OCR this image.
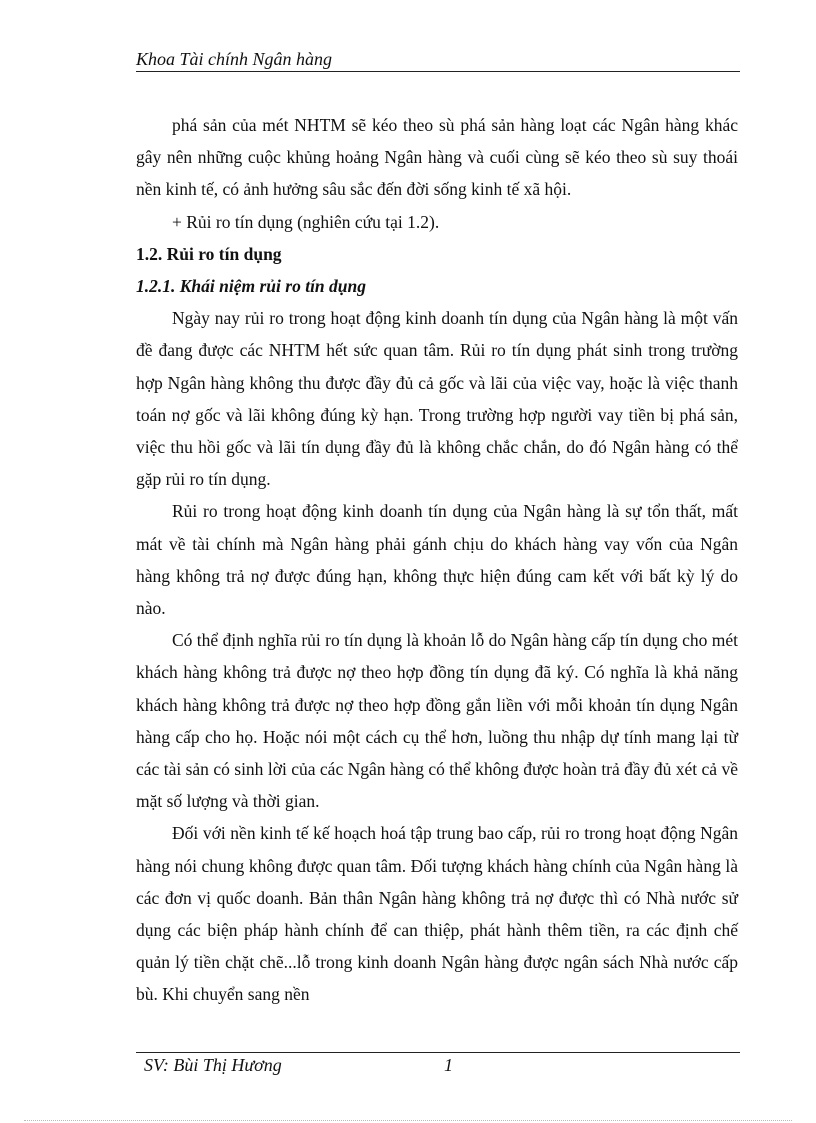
Khoa Tài chính Ngân hàng

phá sản của mét NHTM sẽ kéo theo sù phá sản hàng loạt các Ngân hàng khác gây nên những cuộc khủng hoảng Ngân hàng và cuối cùng sẽ kéo theo sù suy thoái nền kinh tế, có ảnh hưởng sâu sắc đến đời sống kinh tế xã hội.

+ Rủi ro tín dụng (nghiên cứu tại 1.2).

1.2. Rủi ro tín dụng

1.2.1. Khái niệm rủi ro tín dụng

Ngày nay rủi ro trong hoạt động kinh doanh tín dụng của Ngân hàng là một vấn đề đang được các NHTM hết sức quan tâm. Rủi ro tín dụng phát sinh trong trường hợp Ngân hàng không thu được đầy đủ cả gốc và lãi của việc vay, hoặc là việc thanh toán nợ gốc và lãi không đúng kỳ hạn. Trong trường hợp người vay tiền bị phá sản, việc thu hồi gốc và lãi tín dụng đầy đủ là không chắc chắn, do đó Ngân hàng có thể gặp rủi ro tín dụng.

Rủi ro trong hoạt động kinh doanh tín dụng của Ngân hàng là sự tổn thất, mất mát về tài chính mà Ngân hàng phải gánh chịu do khách hàng vay vốn của Ngân hàng không trả nợ được đúng hạn, không thực hiện đúng cam kết với bất kỳ lý do nào.

Có thể định nghĩa rủi ro tín dụng là khoản lỗ do Ngân hàng cấp tín dụng cho mét khách hàng không trả được nợ theo hợp đồng tín dụng đã ký. Có nghĩa là khả năng khách hàng không trả được nợ theo hợp đồng gắn liền với mỗi khoản tín dụng Ngân hàng cấp cho họ. Hoặc nói một cách cụ thể hơn, luồng thu nhập dự tính mang lại từ các tài sản có sinh lời của các Ngân hàng có thể không được hoàn trả đầy đủ xét cả về mặt số lượng và thời gian.

Đối với nền kinh tế kế hoạch hoá tập trung bao cấp, rủi ro trong hoạt động Ngân hàng nói chung không được quan tâm. Đối tượng khách hàng chính của Ngân hàng là các đơn vị quốc doanh. Bản thân Ngân hàng không trả nợ được thì có Nhà nước sử dụng các biện pháp hành chính để can thiệp, phát hành thêm tiền, ra các định chế quản lý tiền chặt chẽ...lỗ trong kinh doanh Ngân hàng được ngân sách Nhà nước cấp bù. Khi chuyển sang nền

SV: Bùi Thị Hương	1
